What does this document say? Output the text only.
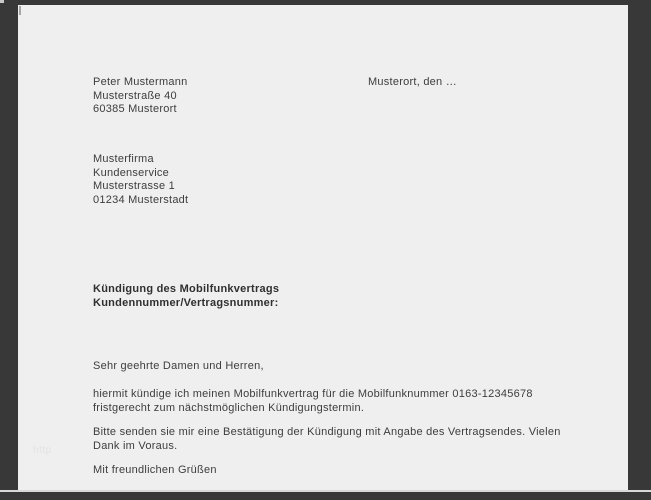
http
Peter Mustermann
Musterstraße 40
60385 Musterort
Musterort, den …
Musterfirma
Kundenservice
Musterstrasse 1
01234 Musterstadt
Kündigung des Mobilfunkvertrags
Kundennummer/Vertragsnummer:
Sehr geehrte Damen und Herren,
hiermit kündige ich meinen Mobilfunkvertrag für die Mobilfunknummer 0163-12345678
fristgerecht zum nächstmöglichen Kündigungstermin.
Bitte senden sie mir eine Bestätigung der Kündigung mit Angabe des Vertragsendes. Vielen
Dank im Voraus.
Mit freundlichen Grüßen
